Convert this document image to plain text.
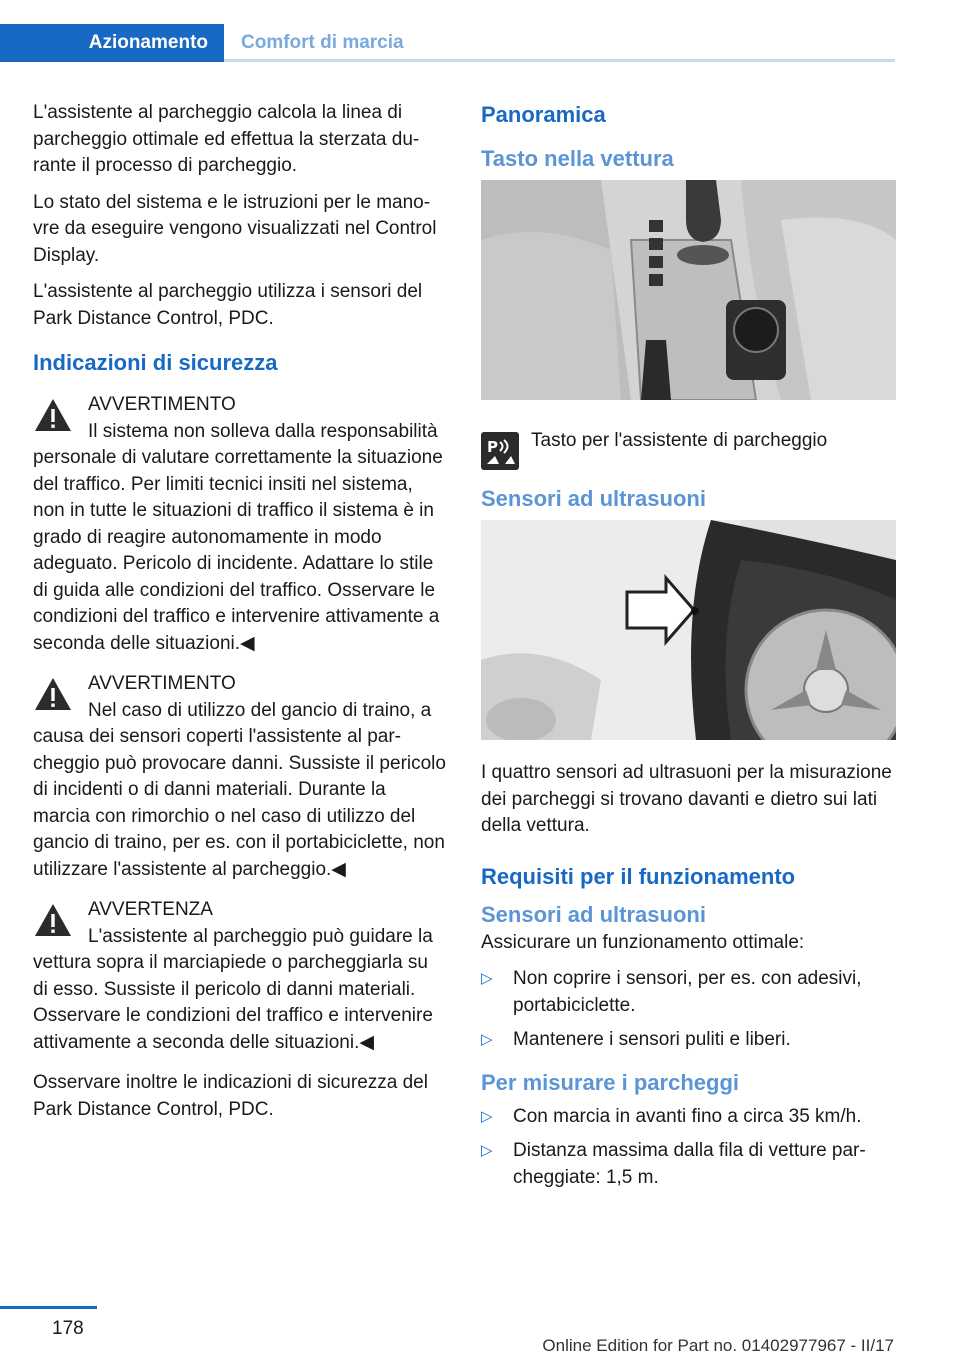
Azionamento	Comfort di marcia

L'assistente al parcheggio calcola la linea di parcheggio ottimale ed effettua la sterzata durante il processo di parcheggio.

Lo stato del sistema e le istruzioni per le manovre da eseguire vengono visualizzati nel Control Display.

L'assistente al parcheggio utilizza i sensori del Park Distance Control, PDC.

Indicazioni di sicurezza
AVVERTIMENTO
Il sistema non solleva dalla responsabilità personale di valutare correttamente la situazione del traffico. Per limiti tecnici insiti nel sistema, non in tutte le situazioni di traffico il sistema è in grado di reagire autonomamente in modo adeguato. Pericolo di incidente. Adattare lo stile di guida alle condizioni del traffico. Osservare le condizioni del traffico e intervenire attivamente a seconda delle situazioni.◀
AVVERTIMENTO
Nel caso di utilizzo del gancio di traino, a causa dei sensori coperti l'assistente al parcheggio può provocare danni. Sussiste il pericolo di incidenti o di danni materiali. Durante la marcia con rimorchio o nel caso di utilizzo del gancio di traino, per es. con il portabiciclette, non utilizzare l'assistente al parcheggio.◀
AVVERTENZA
L'assistente al parcheggio può guidare la vettura sopra il marciapiede o parcheggiarla su di esso. Sussiste il pericolo di danni materiali. Osservare le condizioni del traffico e intervenire attivamente a seconda delle situazioni.◀

Osservare inoltre le indicazioni di sicurezza del Park Distance Control, PDC.

Panoramica
Tasto nella vettura
P Tasto per l'assistente di parcheggio
Sensori ad ultrasuoni

I quattro sensori ad ultrasuoni per la misurazione dei parcheggi si trovano davanti e dietro sui lati della vettura.

Requisiti per il funzionamento
Sensori ad ultrasuoni

Assicurare un funzionamento ottimale:

▷ Non coprire i sensori, per es. con adesivi, portabiciclette.
▷ Mantenere i sensori puliti e liberi.
Per misurare i parcheggi
▷ Con marcia in avanti fino a circa 35 km/h.
▷ Distanza massima dalla fila di vetture parcheggiate: 1,5 m.
178
Online Edition for Part no. 01402977967 - II/17
